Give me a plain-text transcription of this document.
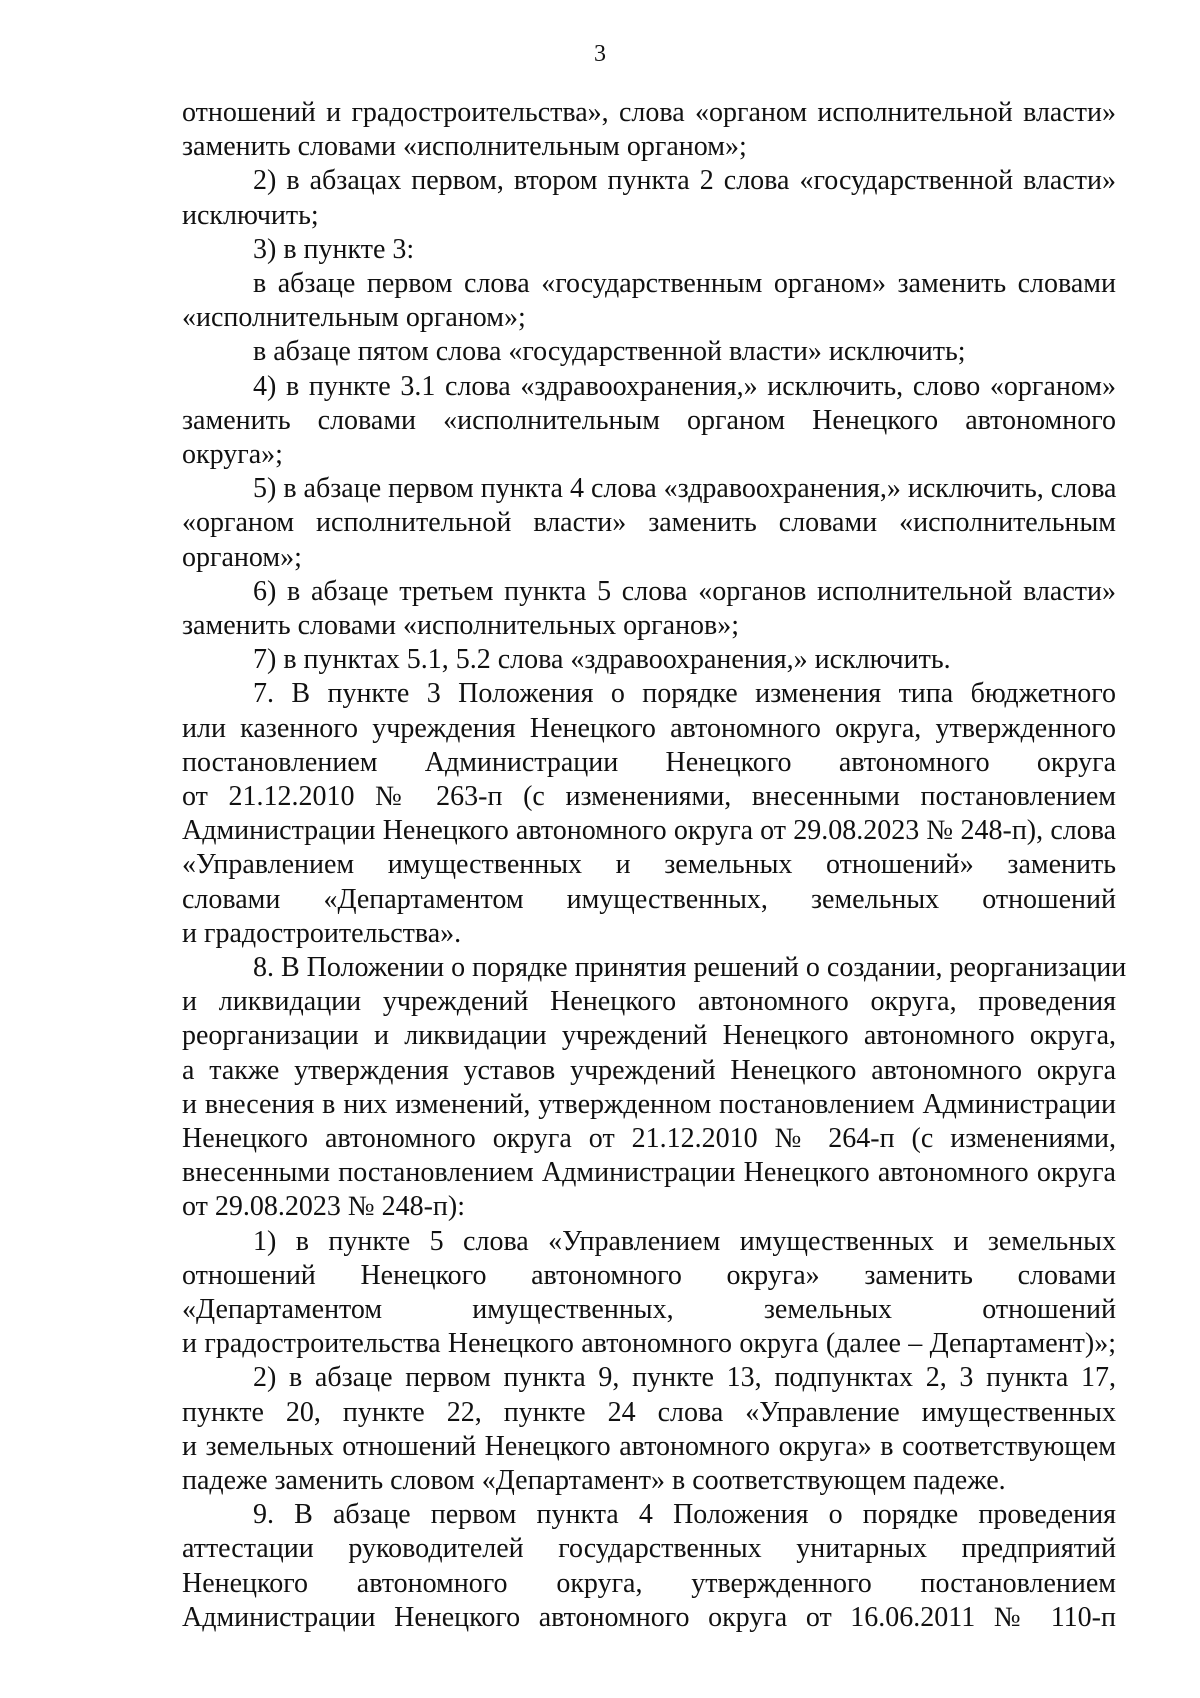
3
отношений и градостроительства», слова «органом исполнительной власти»
заменить словами «исполнительным органом»;
2) в абзацах первом, втором пункта 2 слова «государственной власти»
исключить;
3) в пункте 3:
в абзаце первом слова «государственным органом» заменить словами
«исполнительным органом»;
в абзаце пятом слова «государственной власти» исключить;
4) в пункте 3.1 слова «здравоохранения,» исключить, слово «органом»
заменить словами «исполнительным органом Ненецкого автономного
округа»;
5) в абзаце первом пункта 4 слова «здравоохранения,» исключить, слова
«органом исполнительной власти» заменить словами «исполнительным
органом»;
6) в абзаце третьем пункта 5 слова «органов исполнительной власти»
заменить словами «исполнительных органов»;
7) в пунктах 5.1, 5.2 слова «здравоохранения,» исключить.
7. В пункте 3 Положения о порядке изменения типа бюджетного
или казенного учреждения Ненецкого автономного округа, утвержденного
постановлением Администрации Ненецкого автономного округа
от 21.12.2010 № 263-п (с изменениями, внесенными постановлением
Администрации Ненецкого автономного округа от 29.08.2023 № 248-п), слова
«Управлением имущественных и земельных отношений» заменить
словами «Департаментом имущественных, земельных отношений
и градостроительства».
8. В Положении о порядке принятия решений о создании, реорганизации
и ликвидации учреждений Ненецкого автономного округа, проведения
реорганизации и ликвидации учреждений Ненецкого автономного округа,
а также утверждения уставов учреждений Ненецкого автономного округа
и внесения в них изменений, утвержденном постановлением Администрации
Ненецкого автономного округа от 21.12.2010 № 264-п (с изменениями,
внесенными постановлением Администрации Ненецкого автономного округа
от 29.08.2023 № 248-п):
1) в пункте 5 слова «Управлением имущественных и земельных
отношений Ненецкого автономного округа» заменить словами
«Департаментом имущественных, земельных отношений
и градостроительства Ненецкого автономного округа (далее – Департамент)»;
2) в абзаце первом пункта 9, пункте 13, подпунктах 2, 3 пункта 17,
пункте 20, пункте 22, пункте 24 слова «Управление имущественных
и земельных отношений Ненецкого автономного округа» в соответствующем
падеже заменить словом «Департамент» в соответствующем падеже.
9. В абзаце первом пункта 4 Положения о порядке проведения
аттестации руководителей государственных унитарных предприятий
Ненецкого автономного округа, утвержденного постановлением
Администрации Ненецкого автономного округа от 16.06.2011 № 110-п
